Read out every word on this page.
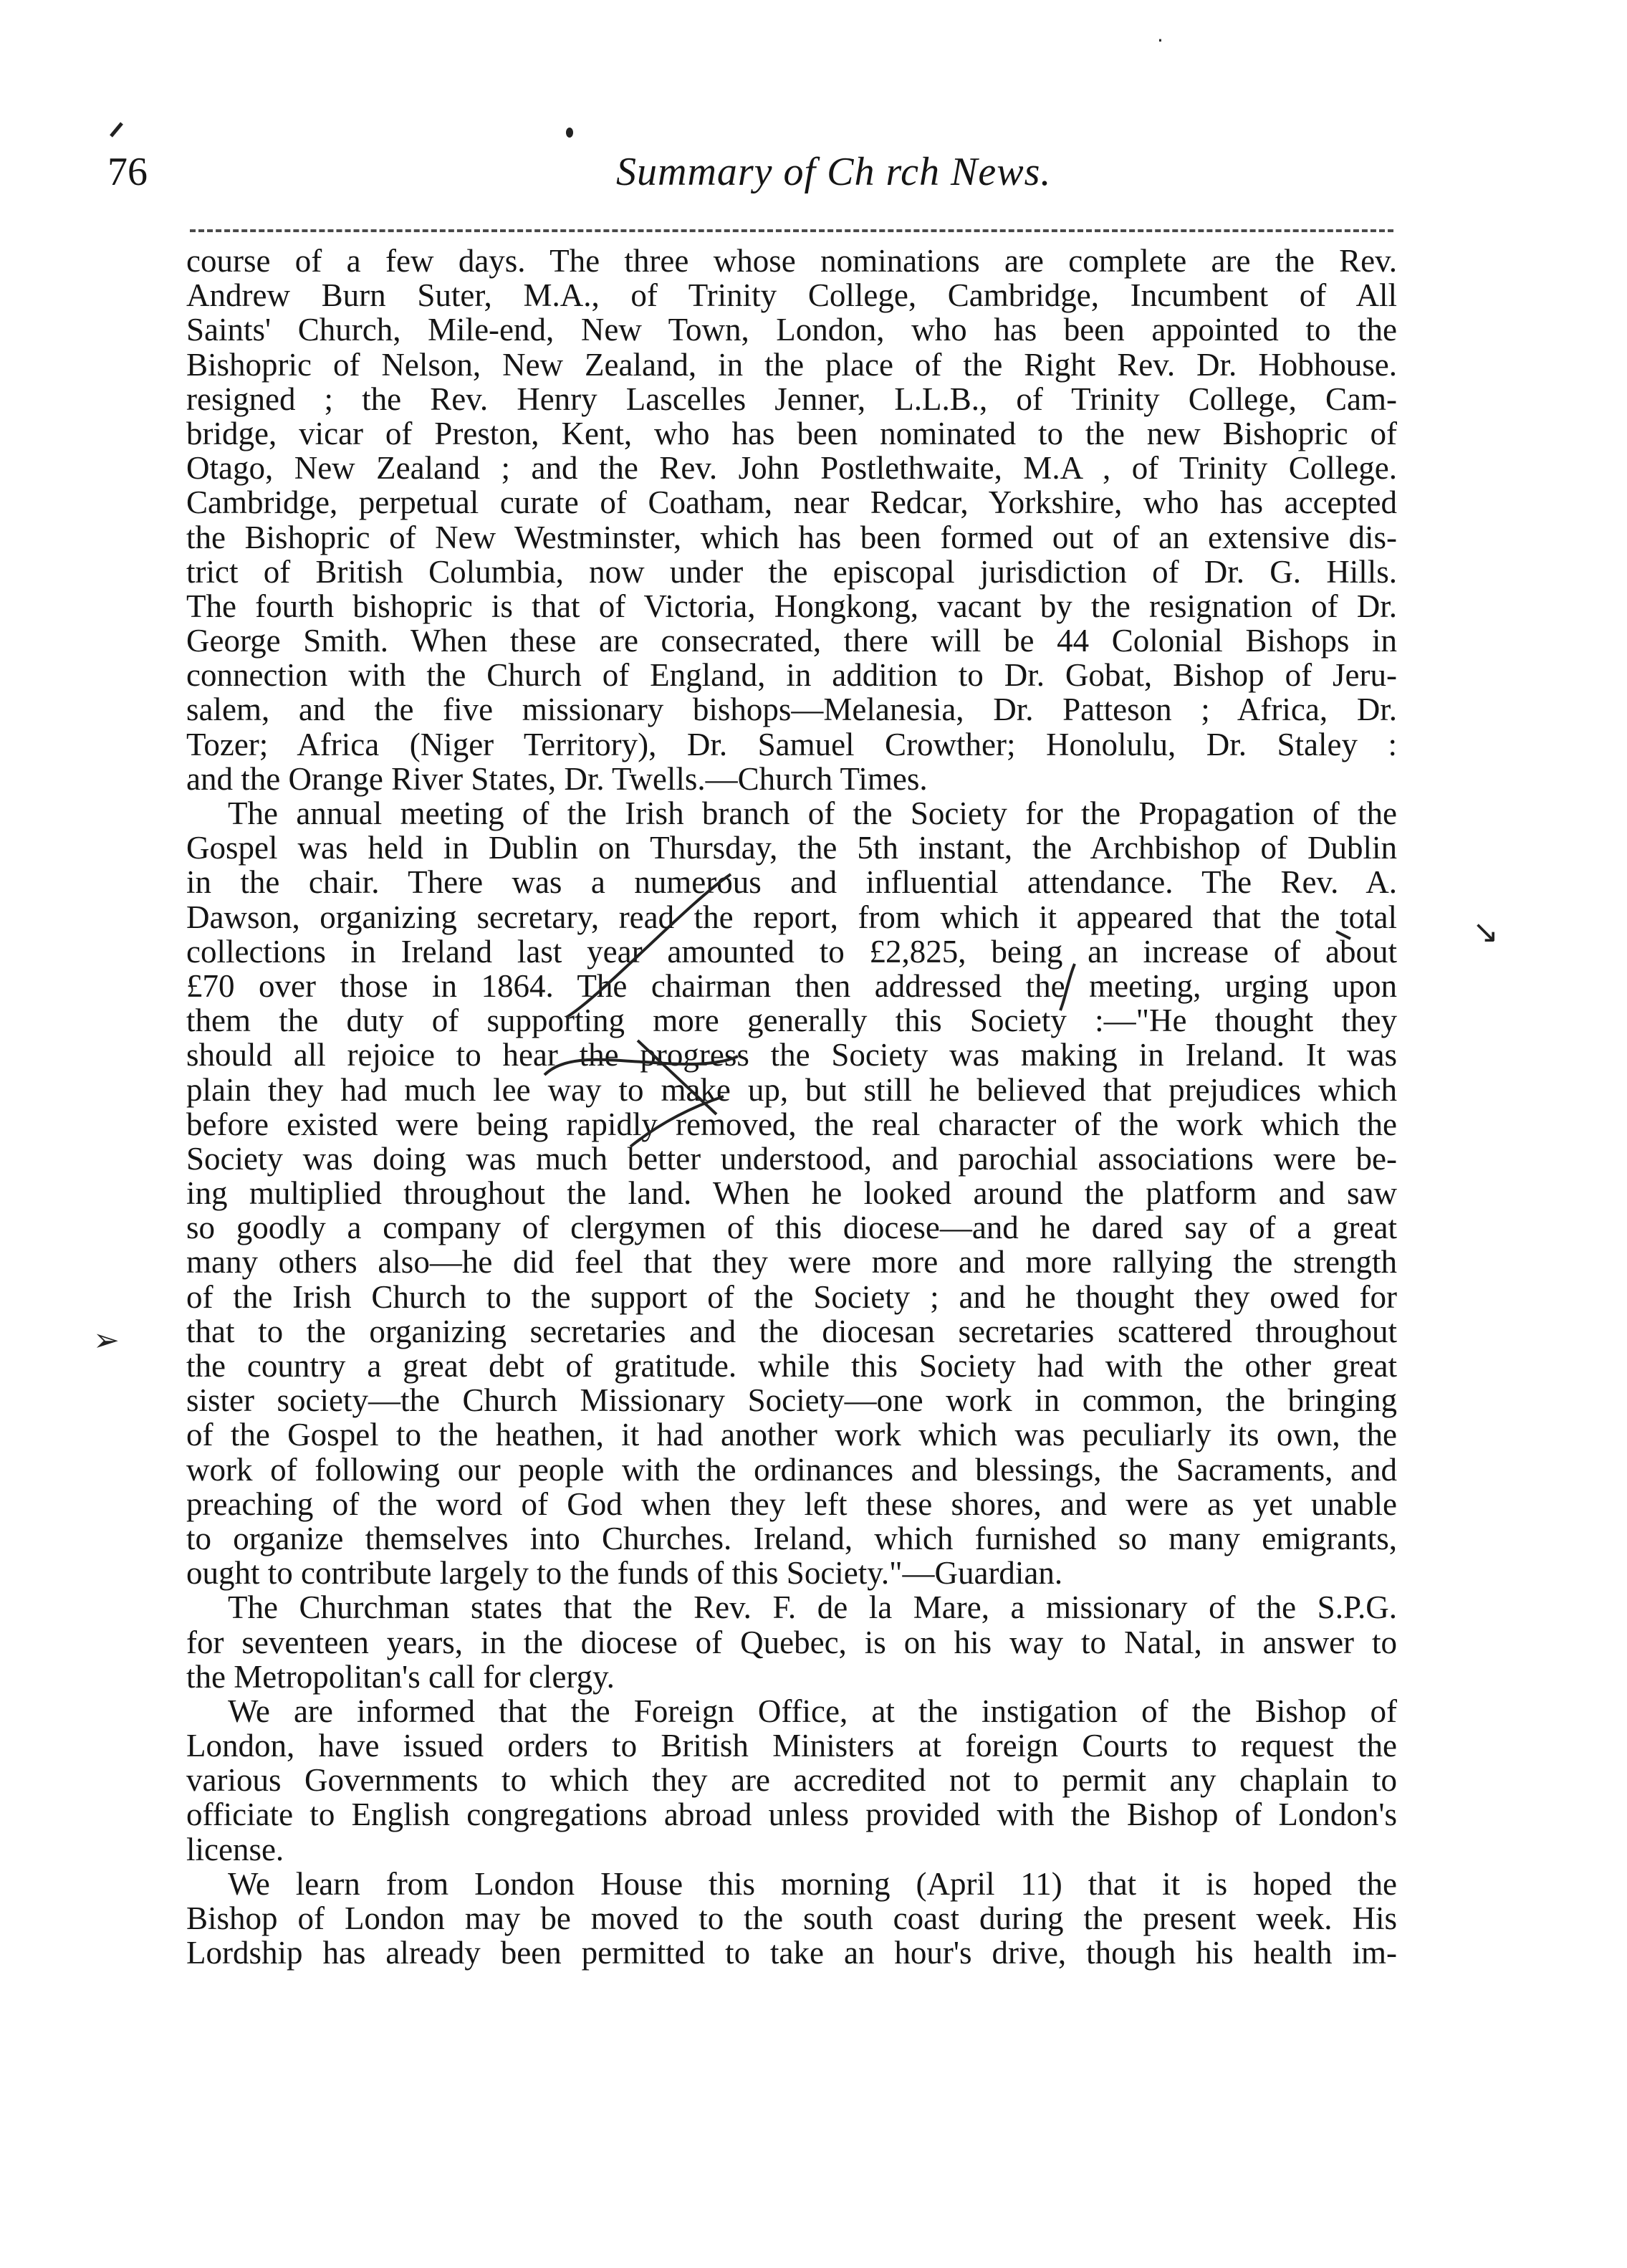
76	Summary of Ch rch News.
course of a few days. The three whose nominations are complete are the Rev.
Andrew Burn Suter, M.A., of Trinity College, Cambridge, Incumbent of All
Saints' Church, Mile-end, New Town, London, who has been appointed to the
Bishopric of Nelson, New Zealand, in the place of the Right Rev. Dr. Hobhouse.
resigned ; the Rev. Henry Lascelles Jenner, L.L.B., of Trinity College, Cam-
bridge, vicar of Preston, Kent, who has been nominated to the new Bishopric of
Otago, New Zealand ; and the Rev. John Postlethwaite, M.A , of Trinity College.
Cambridge, perpetual curate of Coatham, near Redcar, Yorkshire, who has accepted
the Bishopric of New Westminster, which has been formed out of an extensive dis-
trict of British Columbia, now under the episcopal jurisdiction of Dr. G. Hills.
The fourth bishopric is that of Victoria, Hongkong, vacant by the resignation of Dr.
George Smith. When these are consecrated, there will be 44 Colonial Bishops in
connection with the Church of England, in addition to Dr. Gobat, Bishop of Jeru-
salem, and the five missionary bishops—Melanesia, Dr. Patteson ; Africa, Dr.
Tozer; Africa (Niger Territory), Dr. Samuel Crowther; Honolulu, Dr. Staley :
and the Orange River States, Dr. Twells.—Church Times.
The annual meeting of the Irish branch of the Society for the Propagation of the
Gospel was held in Dublin on Thursday, the 5th instant, the Archbishop of Dublin
in the chair. There was a numerous and influential attendance. The Rev. A.
Dawson, organizing secretary, read the report, from which it appeared that the total
collections in Ireland last year amounted to £2,825, being an increase of about
£70 over those in 1864. The chairman then addressed the meeting, urging upon
them the duty of supporting more generally this Society :—"He thought they
should all rejoice to hear the progress the Society was making in Ireland. It was
plain they had much lee way to make up, but still he believed that prejudices which
before existed were being rapidly removed, the real character of the work which the
Society was doing was much better understood, and parochial associations were be-
ing multiplied throughout the land. When he looked around the platform and saw
so goodly a company of clergymen of this diocese—and he dared say of a great
many others also—he did feel that they were more and more rallying the strength
of the Irish Church to the support of the Society ; and he thought they owed for
that to the organizing secretaries and the diocesan secretaries scattered throughout
the country a great debt of gratitude. while this Society had with the other great
sister society—the Church Missionary Society—one work in common, the bringing
of the Gospel to the heathen, it had another work which was peculiarly its own, the
work of following our people with the ordinances and blessings, the Sacraments, and
preaching of the word of God when they left these shores, and were as yet unable
to organize themselves into Churches. Ireland, which furnished so many emigrants,
ought to contribute largely to the funds of this Society."—Guardian.
The Churchman states that the Rev. F. de la Mare, a missionary of the S.P.G.
for seventeen years, in the diocese of Quebec, is on his way to Natal, in answer to
the Metropolitan's call for clergy.
We are informed that the Foreign Office, at the instigation of the Bishop of
London, have issued orders to British Ministers at foreign Courts to request the
various Governments to which they are accredited not to permit any chaplain to
officiate to English congregations abroad unless provided with the Bishop of London's
license.
We learn from London House this morning (April 11) that it is hoped the
Bishop of London may be moved to the south coast during the present week. His
Lordship has already been permitted to take an hour's drive, though his health im-
↘
➢
·
